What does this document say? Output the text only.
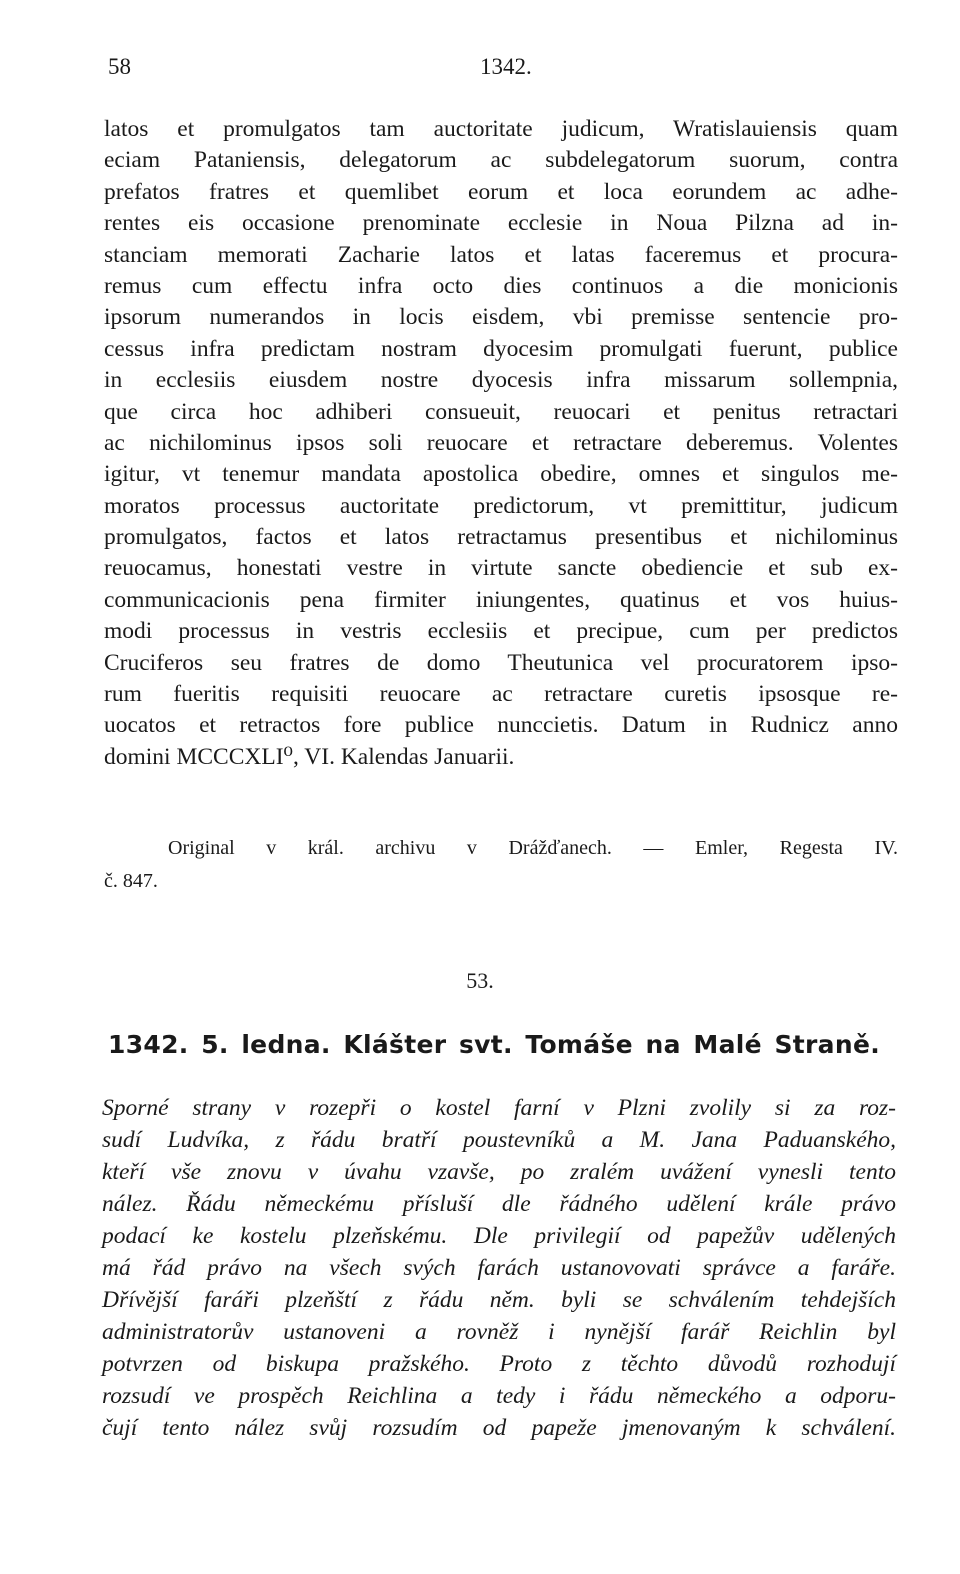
58	1342.
latos et promulgatos tam auctoritate judicum, Wratislauiensis quam
eciam Pataniensis, delegatorum ac subdelegatorum suorum, contra
prefatos fratres et quemlibet eorum et loca eorundem ac adhe-
rentes eis occasione prenominate ecclesie in Noua Pilzna ad in-
stanciam memorati Zacharie latos et latas faceremus et procura-
remus cum effectu infra octo dies continuos a die monicionis
ipsorum numerandos in locis eisdem, vbi premisse sentencie pro-
cessus infra predictam nostram dyocesim promulgati fuerunt, publice
in ecclesiis eiusdem nostre dyocesis infra missarum sollempnia,
que circa hoc adhiberi consueuit, reuocari et penitus retractari
ac nichilominus ipsos soli reuocare et retractare deberemus. Volentes
igitur, vt tenemur mandata apostolica obedire, omnes et singulos me-
moratos processus auctoritate predictorum, vt premittitur, judicum
promulgatos, factos et latos retractamus presentibus et nichilominus
reuocamus, honestati vestre in virtute sancte obediencie et sub ex-
communicacionis pena firmiter iniungentes, quatinus et vos huius-
modi processus in vestris ecclesiis et precipue, cum per predictos
Cruciferos seu fratres de domo Theutunica vel procuratorem ipso-
rum fueritis requisiti reuocare ac retractare curetis ipsosque re-
uocatos et retractos fore publice nunccietis. Datum in Rudnicz anno
domini MCCCXLI⁰, VI. Kalendas Januarii.
Original v král. archivu v Drážďanech. — Emler, Regesta IV.
č. 847.
53.
1342. 5. ledna. Klášter svt. Tomáše na Malé Straně.
Sporné strany v rozepři o kostel farní v Plzni zvolily si za roz-
sudí Ludvíka, z řádu bratří poustevníků a M. Jana Paduanského,
kteří vše znovu v úvahu vzavše, po zralém uvážení vynesli tento
nález. Řádu německému přísluší dle řádného udělení krále právo
podací ke kostelu plzeňskému. Dle privilegií od papežův udělených
má řád právo na všech svých farách ustanovovati správce a faráře.
Dřívější faráři plzeňští z řádu něm. byli se schválením tehdejších
administratorův ustanoveni a rovněž i nynější farář Reichlin byl
potvrzen od biskupa pražského. Proto z těchto důvodů rozhodují
rozsudí ve prospěch Reichlina a tedy i řádu německého a odporu-
čují tento nález svůj rozsudím od papeže jmenovaným k schválení.
